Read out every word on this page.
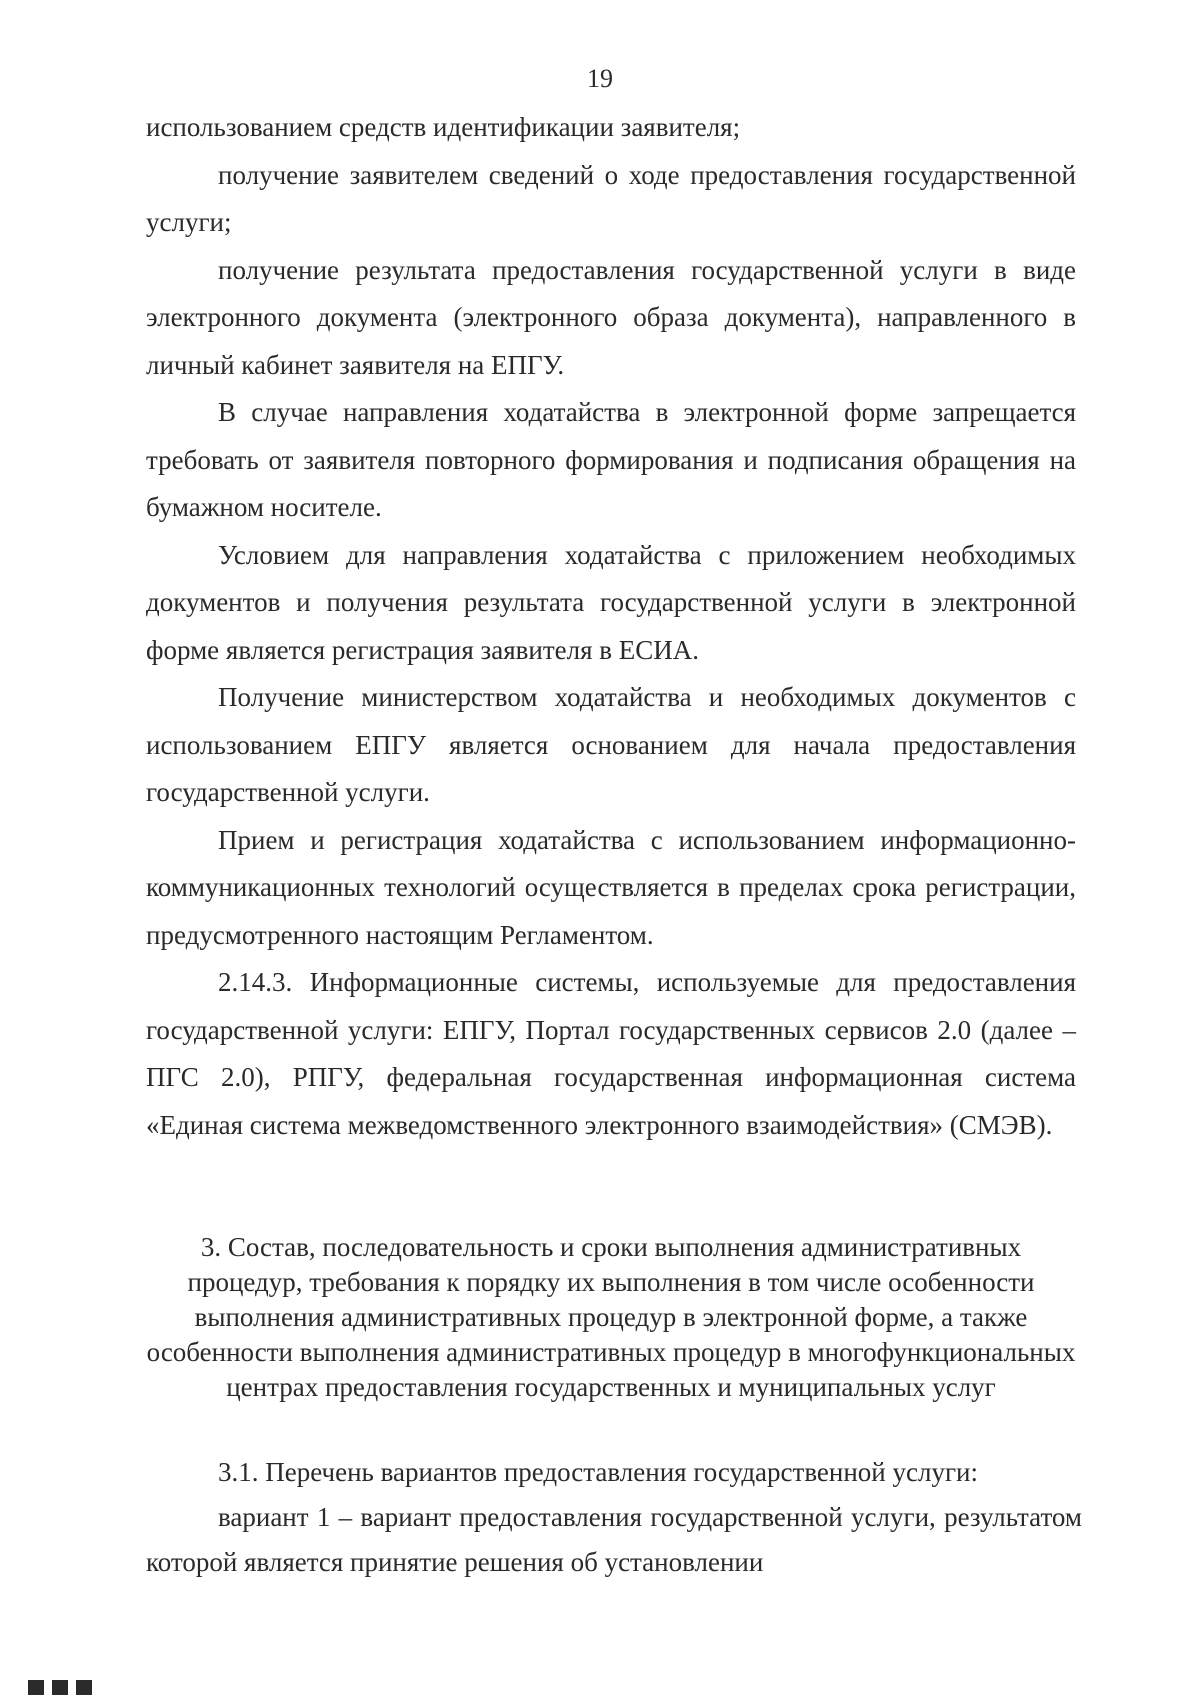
19

использованием средств идентификации заявителя;

получение заявителем сведений о ходе предоставления государственной услуги;

получение результата предоставления государственной услуги в виде электронного документа (электронного образа документа), направленного в личный кабинет заявителя на ЕПГУ.

В случае направления ходатайства в электронной форме запрещается требовать от заявителя повторного формирования и подписания обращения на бумажном носителе.

Условием для направления ходатайства с приложением необходимых документов и получения результата государственной услуги в электронной форме является регистрация заявителя в ЕСИА.

Получение министерством ходатайства и необходимых документов с использованием ЕПГУ является основанием для начала предоставления государственной услуги.

Прием и регистрация ходатайства с использованием информационно-коммуникационных технологий осуществляется в пределах срока регистрации, предусмотренного настоящим Регламентом.

2.14.3. Информационные системы, используемые для предоставления государственной услуги: ЕПГУ, Портал государственных сервисов 2.0 (далее – ПГС 2.0), РПГУ, федеральная государственная информационная система «Единая система межведомственного электронного взаимодействия» (СМЭВ).

3. Состав, последовательность и сроки выполнения административных процедур, требования к порядку их выполнения в том числе особенности выполнения административных процедур в электронной форме, а также особенности выполнения административных процедур в многофункциональных центрах предоставления государственных и муниципальных услуг

3.1. Перечень вариантов предоставления государственной услуги:

вариант 1 – вариант предоставления государственной услуги, результатом которой является принятие решения об установлении
